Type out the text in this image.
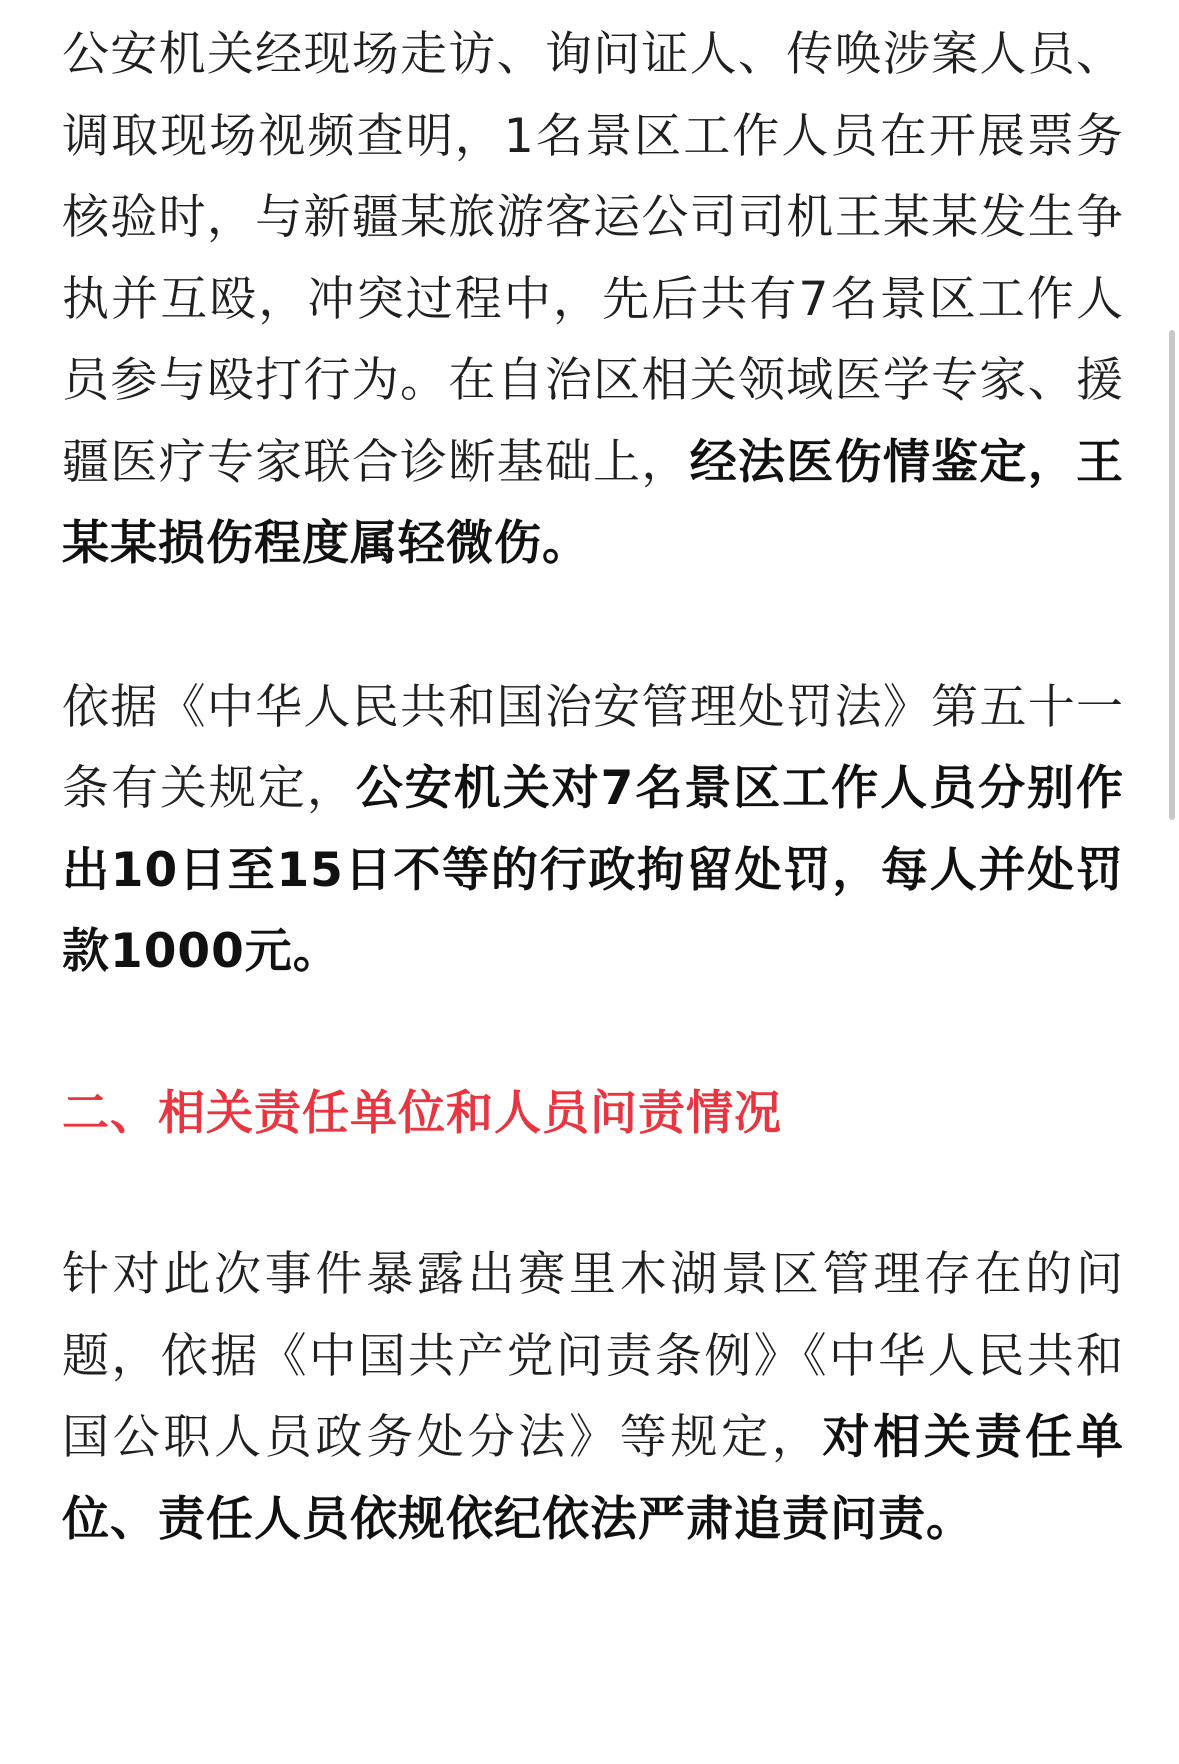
公安机关经现场走访、询问证人、传唤涉案人员、调取现场视频查明，1名景区工作人员在开展票务核验时，与新疆某旅游客运公司司机王某某发生争执并互殴，冲突过程中，先后共有7名景区工作人员参与殴打行为。在自治区相关领域医学专家、援疆医疗专家联合诊断基础上，经法医伤情鉴定，王某某损伤程度属轻微伤。

依据《中华人民共和国治安管理处罚法》第五十一条有关规定，公安机关对7名景区工作人员分别作出10日至15日不等的行政拘留处罚，每人并处罚款1000元。

二、相关责任单位和人员问责情况

针对此次事件暴露出赛里木湖景区管理存在的问题，依据《中国共产党问责条例》《中华人民共和国公职人员政务处分法》等规定，对相关责任单位、责任人员依规依纪依法严肃追责问责。
